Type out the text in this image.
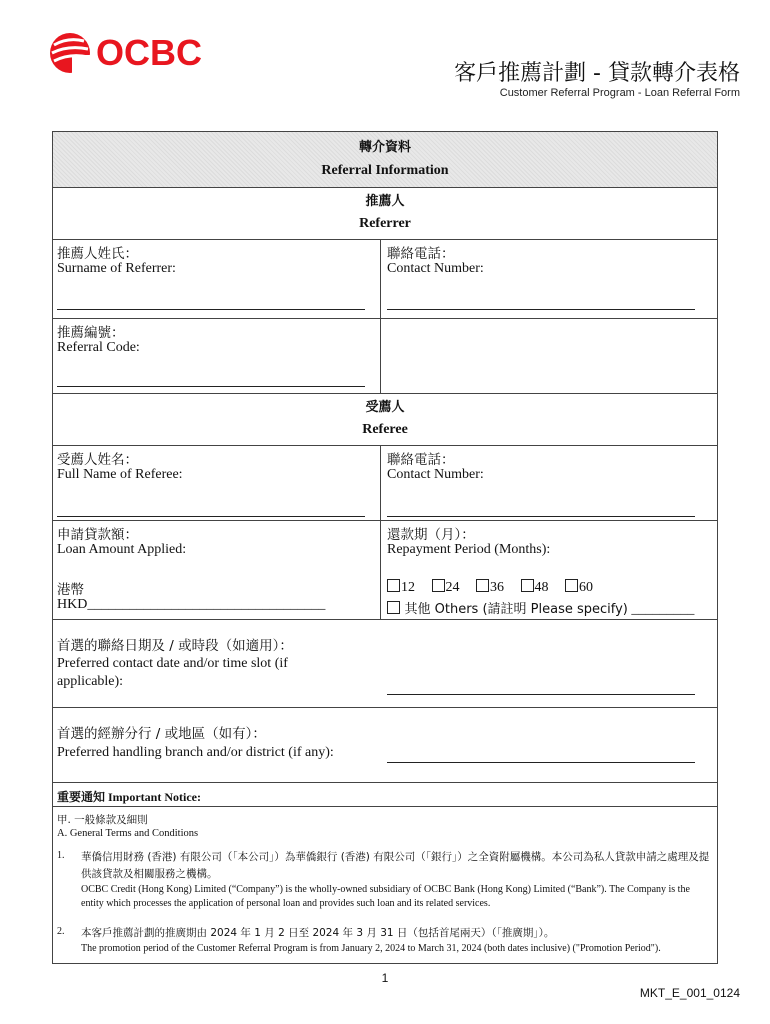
OCBC
客戶推薦計劃 - 貸款轉介表格
Customer Referral Program - Loan Referral Form
轉介資料
Referral Information
推薦人
Referrer
推薦人姓氏：
Surname of Referrer:
聯絡電話：
Contact Number:
推薦編號：
Referral Code:
受薦人
Referee
受薦人姓名：
Full Name of Referee:
聯絡電話：
Contact Number:
申請貸款額：
Loan Amount Applied:
港幣
HKD__________________________________
還款期（月）：
Repayment Period (Months):
12 24 36 48 60
其他 Others (請註明 Please specify) _________
首選的聯絡日期及 / 或時段（如適用）：
Preferred contact date and/or time slot (if
applicable):
首選的經辦分行 / 或地區（如有）：
Preferred handling branch and/or district (if any):
重要通知 Important Notice:
甲. 一般條款及細則
A. General Terms and Conditions
1. 華僑信用財務 (香港) 有限公司（「本公司」）為華僑銀行 (香港) 有限公司（「銀行」）之全資附屬機構。本公司為私人貸款申請之處理及提供該貸款及相關服務之機構。
OCBC Credit (Hong Kong) Limited (“Company”) is the wholly-owned subsidiary of OCBC Bank (Hong Kong) Limited (“Bank”). The Company is the entity which processes the application of personal loan and provides such loan and its related services.
2. 本客戶推薦計劃的推廣期由 2024 年 1 月 2 日至 2024 年 3 月 31 日（包括首尾兩天）（「推廣期」）。
The promotion period of the Customer Referral Program is from January 2, 2024 to March 31, 2024 (both dates inclusive) ("Promotion Period").
1
MKT_E_001_0124
